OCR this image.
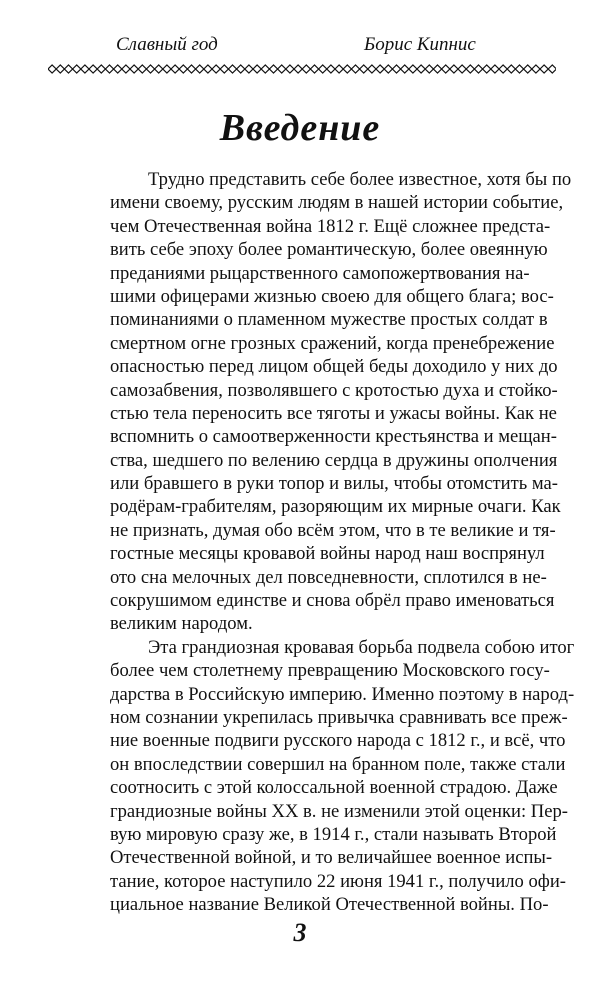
Славный год	Борис Кипнис
Введение
Трудно представить себе более известное, хотя бы по
имени своему, русским людям в нашей истории событие,
чем Отечественная война 1812 г. Ещё сложнее предста-
вить себе эпоху более романтическую, более овеянную
преданиями рыцарственного самопожертвования на-
шими офицерами жизнью своею для общего блага; вос-
поминаниями о пламенном мужестве простых солдат в
смертном огне грозных сражений, когда пренебрежение
опасностью перед лицом общей беды доходило у них до
самозабвения, позволявшего с кротостью духа и стойко-
стью тела переносить все тяготы и ужасы войны. Как не
вспомнить о самоотверженности крестьянства и мещан-
ства, шедшего по велению сердца в дружины ополчения
или бравшего в руки топор и вилы, чтобы отомстить ма-
родёрам-грабителям, разоряющим их мирные очаги. Как
не признать, думая обо всём этом, что в те великие и тя-
гостные месяцы кровавой войны народ наш воспрянул
ото сна мелочных дел повседневности, сплотился в не-
сокрушимом единстве и снова обрёл право именоваться
великим народом.
Эта грандиозная кровавая борьба подвела собою итог
более чем столетнему превращению Московского госу-
дарства в Российскую империю. Именно поэтому в народ-
ном сознании укрепилась привычка сравнивать все преж-
ние военные подвиги русского народа с 1812 г., и всё, что
он впоследствии совершил на бранном поле, также стали
соотносить с этой колоссальной военной страдою. Даже
грандиозные войны XX в. не изменили этой оценки: Пер-
вую мировую сразу же, в 1914 г., стали называть Второй
Отечественной войной, и то величайшее военное испы-
тание, которое наступило 22 июня 1941 г., получило офи-
циальное название Великой Отечественной войны. По-
3
